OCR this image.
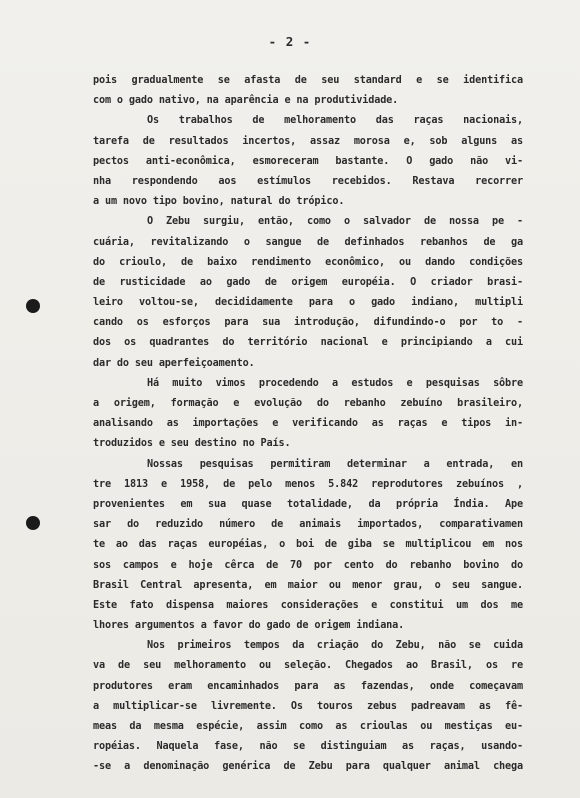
- 2 -
pois gradualmente se afasta de seu standard e se identifica
com o gado nativo, na aparência e na produtividade.
Os trabalhos de melhoramento das raças nacionais,
tarefa de resultados incertos, assaz morosa e, sob alguns as
pectos anti-econômica, esmoreceram bastante. O gado não vi-
nha respondendo aos estímulos recebidos. Restava recorrer
a um novo tipo bovino, natural do trópico.
O Zebu surgiu, então, como o salvador de nossa pe -
cuária, revitalizando o sangue de definhados rebanhos de ga
do crioulo, de baixo rendimento econômico, ou dando condições
de rusticidade ao gado de origem européia. O criador brasi-
leiro voltou-se, decididamente para o gado indiano, multipli
cando os esforços para sua introdução, difundindo-o por to -
dos os quadrantes do território nacional e principiando a cui
dar do seu aperfeiçoamento.
Há muito vimos procedendo a estudos e pesquisas sôbre
a origem, formação e evolução do rebanho zebuíno brasileiro,
analisando as importações e verificando as raças e tipos in-
troduzidos e seu destino no País.
Nossas pesquisas permitiram determinar a entrada, en
tre 1813 e 1958, de pelo menos 5.842 reprodutores zebuínos ,
provenientes em sua quase totalidade, da própria Índia. Ape
sar do reduzido número de animais importados, comparativamen
te ao das raças européias, o boi de giba se multiplicou em nos
sos campos e hoje cêrca de 70 por cento do rebanho bovino do
Brasil Central apresenta, em maior ou menor grau, o seu sangue.
Este fato dispensa maiores considerações e constitui um dos me
lhores argumentos a favor do gado de origem indiana.
Nos primeiros tempos da criação do Zebu, não se cuida
va de seu melhoramento ou seleção. Chegados ao Brasil, os re
produtores eram encaminhados para as fazendas, onde começavam
a multiplicar-se livremente. Os touros zebus padreavam as fê-
meas da mesma espécie, assim como as crioulas ou mestiças eu-
ropéias. Naquela fase, não se distinguiam as raças, usando-
-se a denominação genérica de Zebu para qualquer animal chega
